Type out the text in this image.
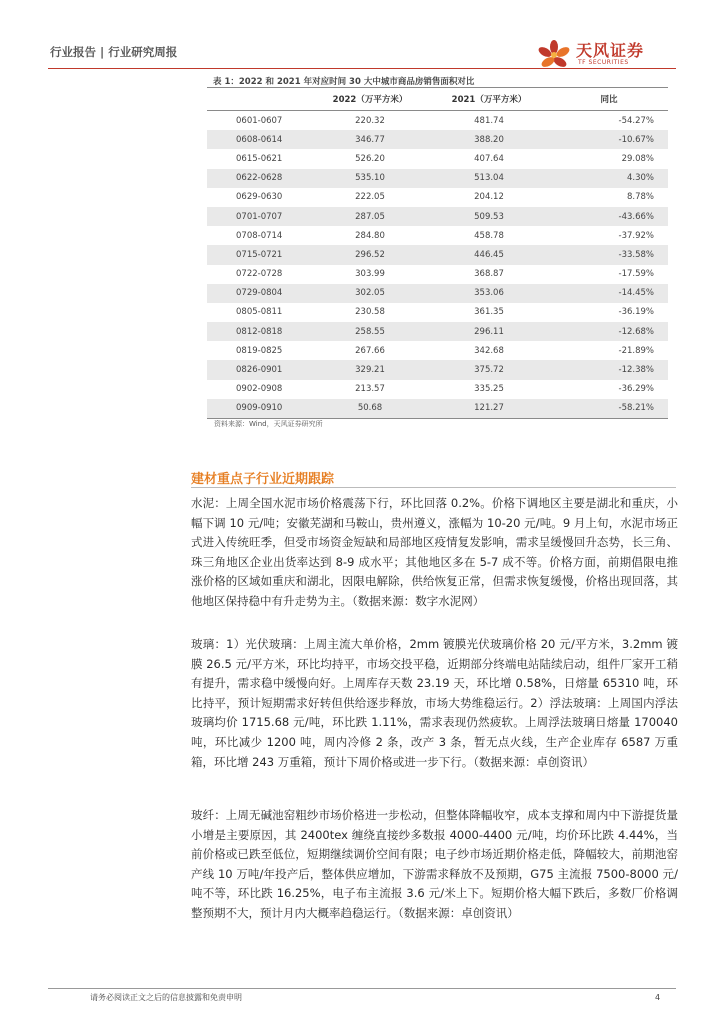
行业报告 | 行业研究周报	天风证券
TF SECURITIES
表 1：2022 和 2021 年对应时间 30 大中城市商品房销售面积对比
	2022（万平方米）	2021（万平方米）	同比
0601-0607	220.32	481.74	-54.27%
0608-0614	346.77	388.20	-10.67%
0615-0621	526.20	407.64	29.08%
0622-0628	535.10	513.04	4.30%
0629-0630	222.05	204.12	8.78%
0701-0707	287.05	509.53	-43.66%
0708-0714	284.80	458.78	-37.92%
0715-0721	296.52	446.45	-33.58%
0722-0728	303.99	368.87	-17.59%
0729-0804	302.05	353.06	-14.45%
0805-0811	230.58	361.35	-36.19%
0812-0818	258.55	296.11	-12.68%
0819-0825	267.66	342.68	-21.89%
0826-0901	329.21	375.72	-12.38%
0902-0908	213.57	335.25	-36.29%
0909-0910	50.68	121.27	-58.21%
资料来源：Wind，天风证券研究所
建材重点子行业近期跟踪

水泥：上周全国水泥市场价格震荡下行，环比回落 0.2%。价格下调地区主要是湖北和重庆，小幅下调 10 元/吨；安徽芜湖和马鞍山，贵州遵义，涨幅为 10-20 元/吨。9 月上旬，水泥市场正式进入传统旺季，但受市场资金短缺和局部地区疫情复发影响，需求呈缓慢回升态势，长三角、珠三角地区企业出货率达到 8-9 成水平；其他地区多在 5-7 成不等。价格方面，前期倡限电推涨价格的区域如重庆和湖北，因限电解除，供给恢复正常，但需求恢复缓慢，价格出现回落，其他地区保持稳中有升走势为主。（数据来源：数字水泥网）

玻璃：1）光伏玻璃：上周主流大单价格，2mm 镀膜光伏玻璃价格 20 元/平方米，3.2mm 镀膜 26.5 元/平方米，环比均持平，市场交投平稳，近期部分终端电站陆续启动，组件厂家开工稍有提升，需求稳中缓慢向好。上周库存天数 23.19 天，环比增 0.58%，日熔量 65310 吨，环比持平，预计短期需求好转但供给逐步释放，市场大势维稳运行。2）浮法玻璃：上周国内浮法玻璃均价 1715.68 元/吨，环比跌 1.11%，需求表现仍然疲软。上周浮法玻璃日熔量 170040 吨，环比减少 1200 吨，周内冷修 2 条，改产 3 条，暂无点火线，生产企业库存 6587 万重箱，环比增 243 万重箱，预计下周价格或进一步下行。（数据来源：卓创资讯）

玻纤：上周无碱池窑粗纱市场价格进一步松动，但整体降幅收窄，成本支撑和周内中下游提货量小增是主要原因，其 2400tex 缠绕直接纱多数报 4000-4400 元/吨，均价环比跌 4.44%，当前价格或已跌至低位，短期继续调价空间有限；电子纱市场近期价格走低，降幅较大，前期池窑产线 10 万吨/年投产后，整体供应增加，下游需求释放不及预期，G75 主流报 7500-8000 元/吨不等，环比跌 16.25%，电子布主流报 3.6 元/米上下。短期价格大幅下跌后，多数厂价格调整预期不大，预计月内大概率趋稳运行。（数据来源：卓创资讯）

请务必阅读正文之后的信息披露和免责申明	4
